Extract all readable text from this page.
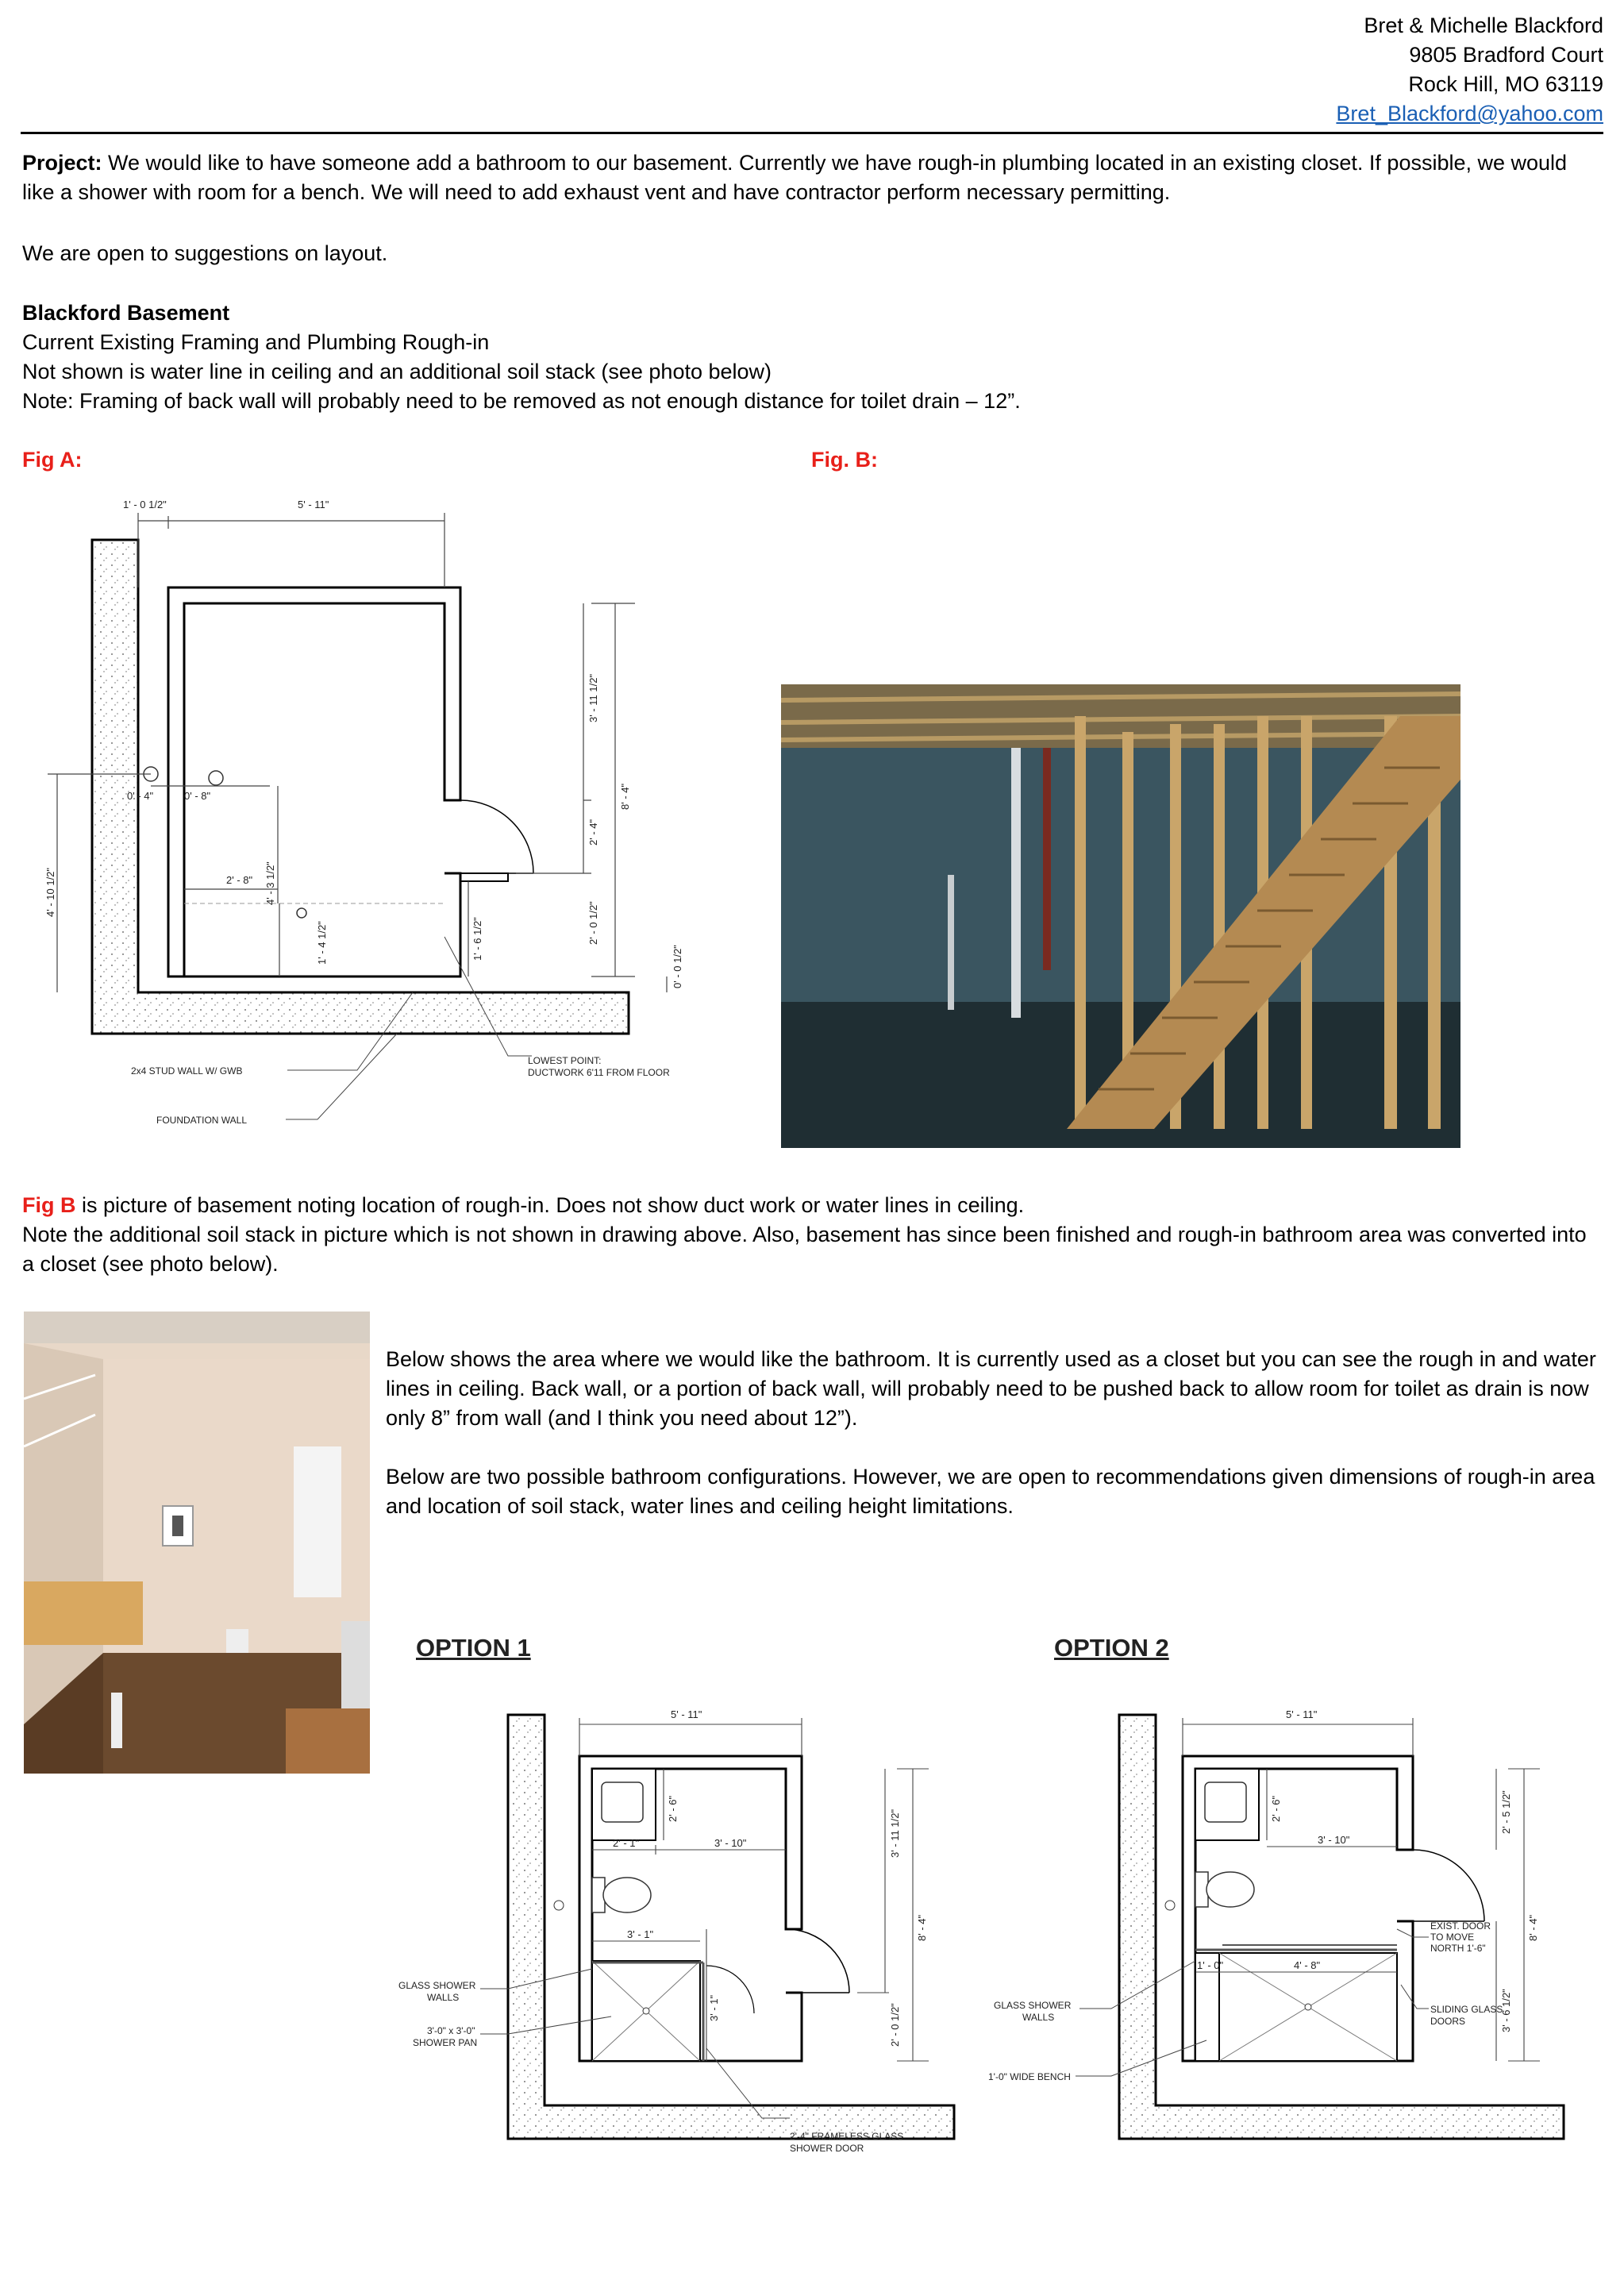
Bret & Michelle Blackford
9805 Bradford Court
Rock Hill, MO 63119
Bret_Blackford@yahoo.com
Project: We would like to have someone add a bathroom to our basement. Currently we have rough-in plumbing located in an existing closet. If possible, we would like a shower with room for a bench. We will need to add exhaust vent and have contractor perform necessary permitting.
We are open to suggestions on layout.
Blackford Basement
Current Existing Framing and Plumbing Rough-in
Not shown is water line in ceiling and an additional soil stack (see photo below)
Note: Framing of back wall will probably need to be removed as not enough distance for toilet drain – 12”.
Fig A:	Fig. B:
1' - 0 1/2"	5' - 11"
3' - 11 1/2"
8' - 4"
2' - 4"
2' - 0 1/2"
0' - 0 1/2"
4' - 10 1/2"
0' - 4"	0' - 8"
2' - 8" 4' - 3 1/2"
1' - 4 1/2"	1' - 6 1/2"
2x4 STUD WALL W/ GWB
FOUNDATION WALL
LOWEST POINT:
DUCTWORK 6'11 FROM FLOOR
Fig B is picture of basement noting location of rough-in. Does not show duct work or water lines in ceiling.
Note the additional soil stack in picture which is not shown in drawing above. Also, basement has since been finished and rough-in bathroom area was converted into a closet (see photo below).
Below shows the area where we would like the bathroom. It is currently used as a closet but you can see the rough in and water lines in ceiling. Back wall, or a portion of back wall, will probably need to be pushed back to allow room for toilet as drain is now only 8” from wall (and I think you need about 12”).
Below are two possible bathroom configurations. However, we are open to recommendations given dimensions of rough-in area and location of soil stack, water lines and ceiling height limitations.
OPTION 1
5' - 11"
2' - 6"
2' - 1"	3' - 10"
3' - 1"
3' - 1"
3' - 11 1/2"
8' - 4"
2' - 0 1/2"
GLASS SHOWER
WALLS
3'-0" x 3'-0"
SHOWER PAN
2'-4" FRAMELESS GLASS
SHOWER DOOR
OPTION 2
5' - 11"
2' - 6"
3' - 10"
1' - 0"	4' - 8"
2' - 5 1/2"
8' - 4"
3' - 6 1/2"
GLASS SHOWER
WALLS
1'-0" WIDE BENCH
EXIST. DOOR
TO MOVE
NORTH 1'-6"
SLIDING GLASS
DOORS
